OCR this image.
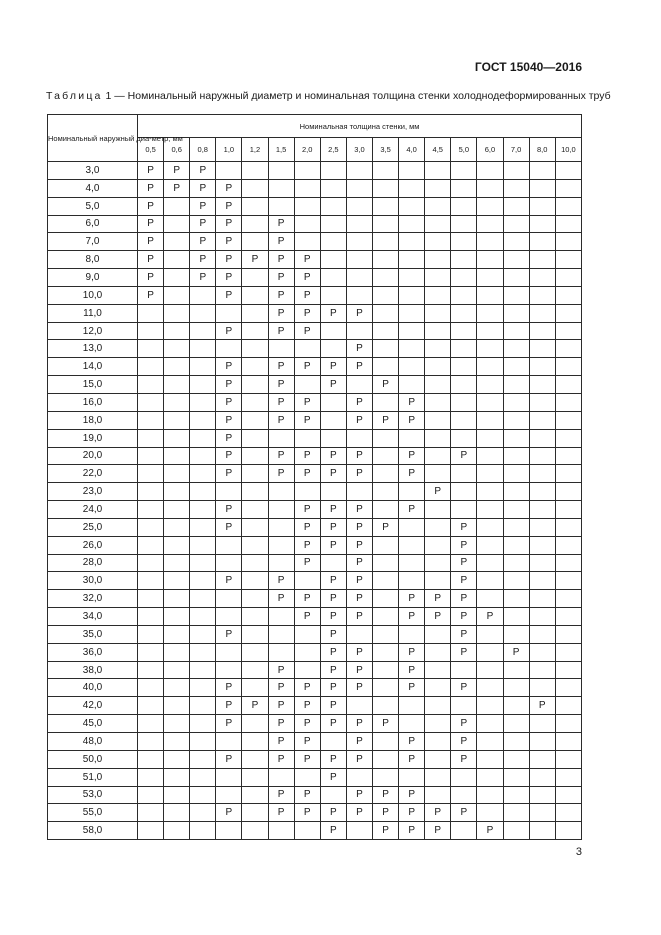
ГОСТ 15040—2016
Таблица 1 — Номинальный наружный диаметр и номинальная толщина стенки холоднодеформированных труб
Номинальный наружный диа-метр, мм	Номинальная толщина стенки, мм																
	0,5	0,6	0,8	1,0	1,2	1,5	2,0	2,5	3,0	3,5	4,0	4,5	5,0	6,0	7,0	8,0	10,0
3,0	Р	Р	Р														
4,0	Р	Р	Р	Р													
5,0	Р		Р	Р													
6,0	Р		Р	Р		Р											
7,0	Р		Р	Р		Р											
8,0	Р		Р	Р	Р	Р	Р										
9,0	Р		Р	Р		Р	Р										
10,0	Р			Р		Р	Р										
11,0						Р	Р	Р	Р								
12,0				Р		Р	Р										
13,0									Р								
14,0				Р		Р	Р	Р	Р								
15,0				Р		Р		Р		Р							
16,0				Р		Р	Р		Р		Р						
18,0				Р		Р	Р		Р	Р	Р						
19,0				Р													
20,0				Р		Р	Р	Р	Р		Р		Р				
22,0				Р		Р	Р	Р	Р		Р						
23,0												Р					
24,0				Р			Р	Р	Р		Р						
25,0				Р			Р	Р	Р	Р			Р				
26,0							Р	Р	Р				Р				
28,0							Р		Р				Р				
30,0				Р		Р		Р	Р				Р				
32,0						Р	Р	Р	Р		Р	Р	Р				
34,0							Р	Р	Р		Р	Р	Р	Р			
35,0				Р				Р					Р				
36,0								Р	Р		Р		Р		Р		
38,0						Р		Р	Р		Р						
40,0				Р		Р	Р	Р	Р		Р		Р				
42,0				Р	Р	Р	Р	Р								Р	
45,0				Р		Р	Р	Р	Р	Р			Р				
48,0						Р	Р		Р		Р		Р				
50,0				Р		Р	Р	Р	Р		Р		Р				
51,0								Р									
53,0						Р	Р		Р	Р	Р						
55,0				Р		Р	Р	Р	Р	Р	Р	Р	Р				
58,0								Р		Р	Р	Р		Р			
3
